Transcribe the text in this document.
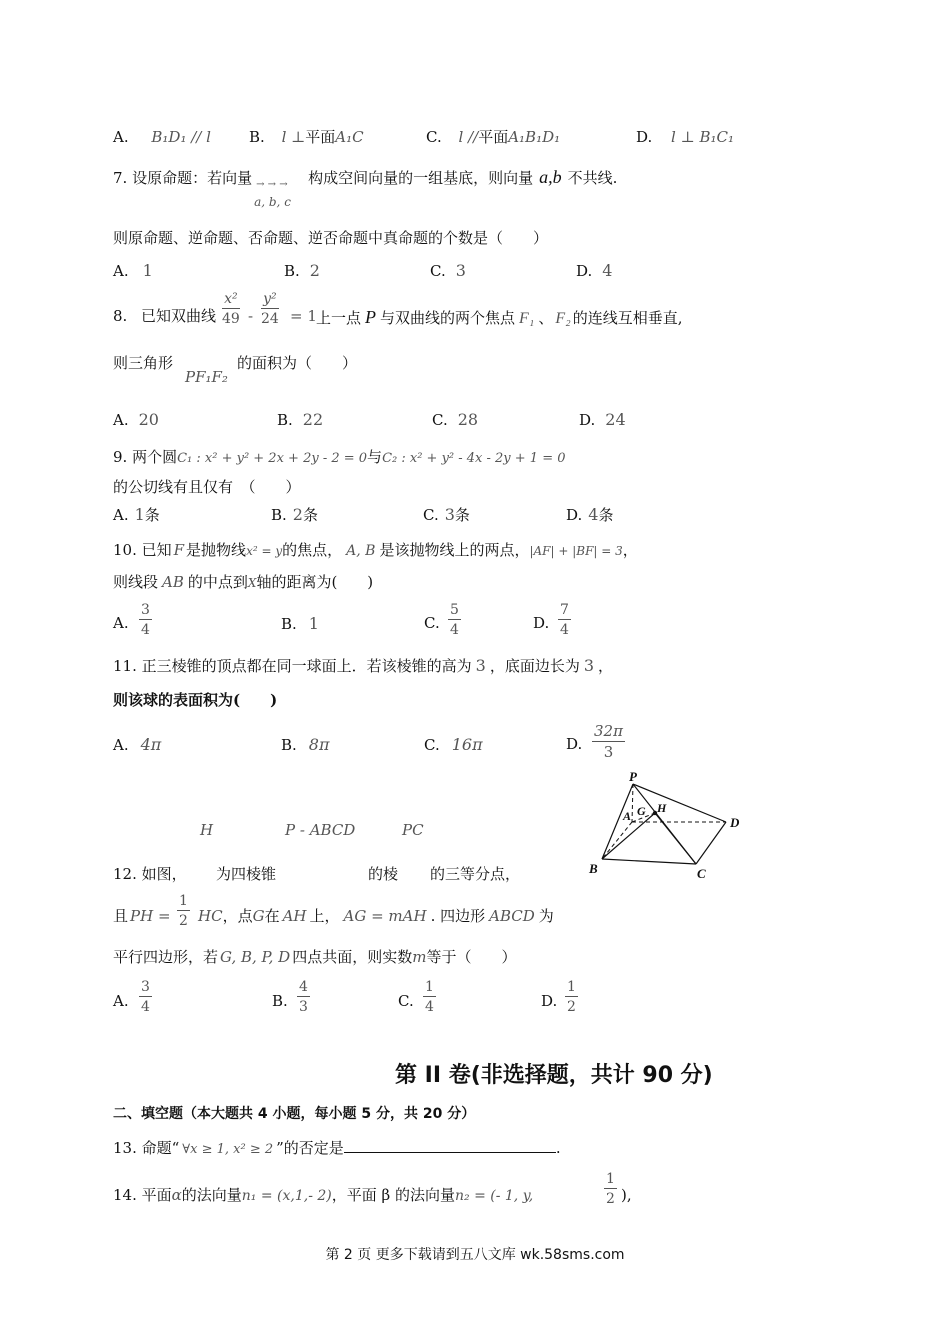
A. B₁D₁ // l	B. l ⊥平面A₁C	C. l //平面A₁B₁D₁	D. l ⊥ B₁C₁
7. 设原命题：若向量
a, b, c
→ → → 构成空间向量的一组基底，则向量 a,b 不共线.
则原命题、逆命题、否命题、逆否命题中真命题的个数是（　　）
A. 1	B. 2	C. 3	D. 4
8. 已知双曲线 $\frac{\text{x²}}{49} - \frac{\text{y²}}{24} = 1$ 上一点 P 与双曲线的两个焦点 F₁ 、 F₂ 的连线互相垂直,
则三角形
PF₁F₂
的面积为（　　）
A. 20	B. 22	C. 28	D. 24
9. 两个圆C₁ : x² + y² + 2x + 2y - 2 = 0与C₂ : x² + y² - 4x - 2y + 1 = 0
的公切线有且仅有　（　　）
A. 1条	B. 2条	C. 3条	D. 4条
10. 已知 F 是抛物线x² = y的焦点， A, B 是该抛物线上的两点，|AF| + |BF| = 3，
则线段 AB 的中点到X轴的距离为(　　)
A. $\frac{3}{4}$	B. 1	C. $\frac{5}{4}$	D. $\frac{7}{4}$
11. 正三棱锥的顶点都在同一球面上．若该棱锥的高为 3 ，底面边长为 3 ，
则该球的表面积为(　　)
A. 4π	B. 8π	C. 16π	D. $\frac{32\pi}{3}$
P
G H
A	D
B	C
H	P - ABCD	PC
12. 如图， 为四棱锥	的棱 的三等分点，
且 PH = $\frac{1}{2}$ HC，点G在 AH 上， AG = mAH . 四边形 ABCD 为
平行四边形，若 G, B, P, D 四点共面，则实数m等于（　　）
A. $\frac{3}{4}$	B. $\frac{4}{3}$	C. $\frac{1}{4}$	D. $\frac{1}{2}$
第 II 卷(非选择题，共计 90 分)
二、填空题（本大题共 4 小题，每小题 5 分，共 20 分）
13. 命题“ ∀x ≥ 1, x² ≥ 2 ”的否定是	.
14. 平面α的法向量n₁ = (x,1,- 2)，平面 β 的法向量n₂ = (- 1, y,	$\frac{1}{2}$ ),
第 2 页 更多下载请到五八文库 wk.58sms.com
